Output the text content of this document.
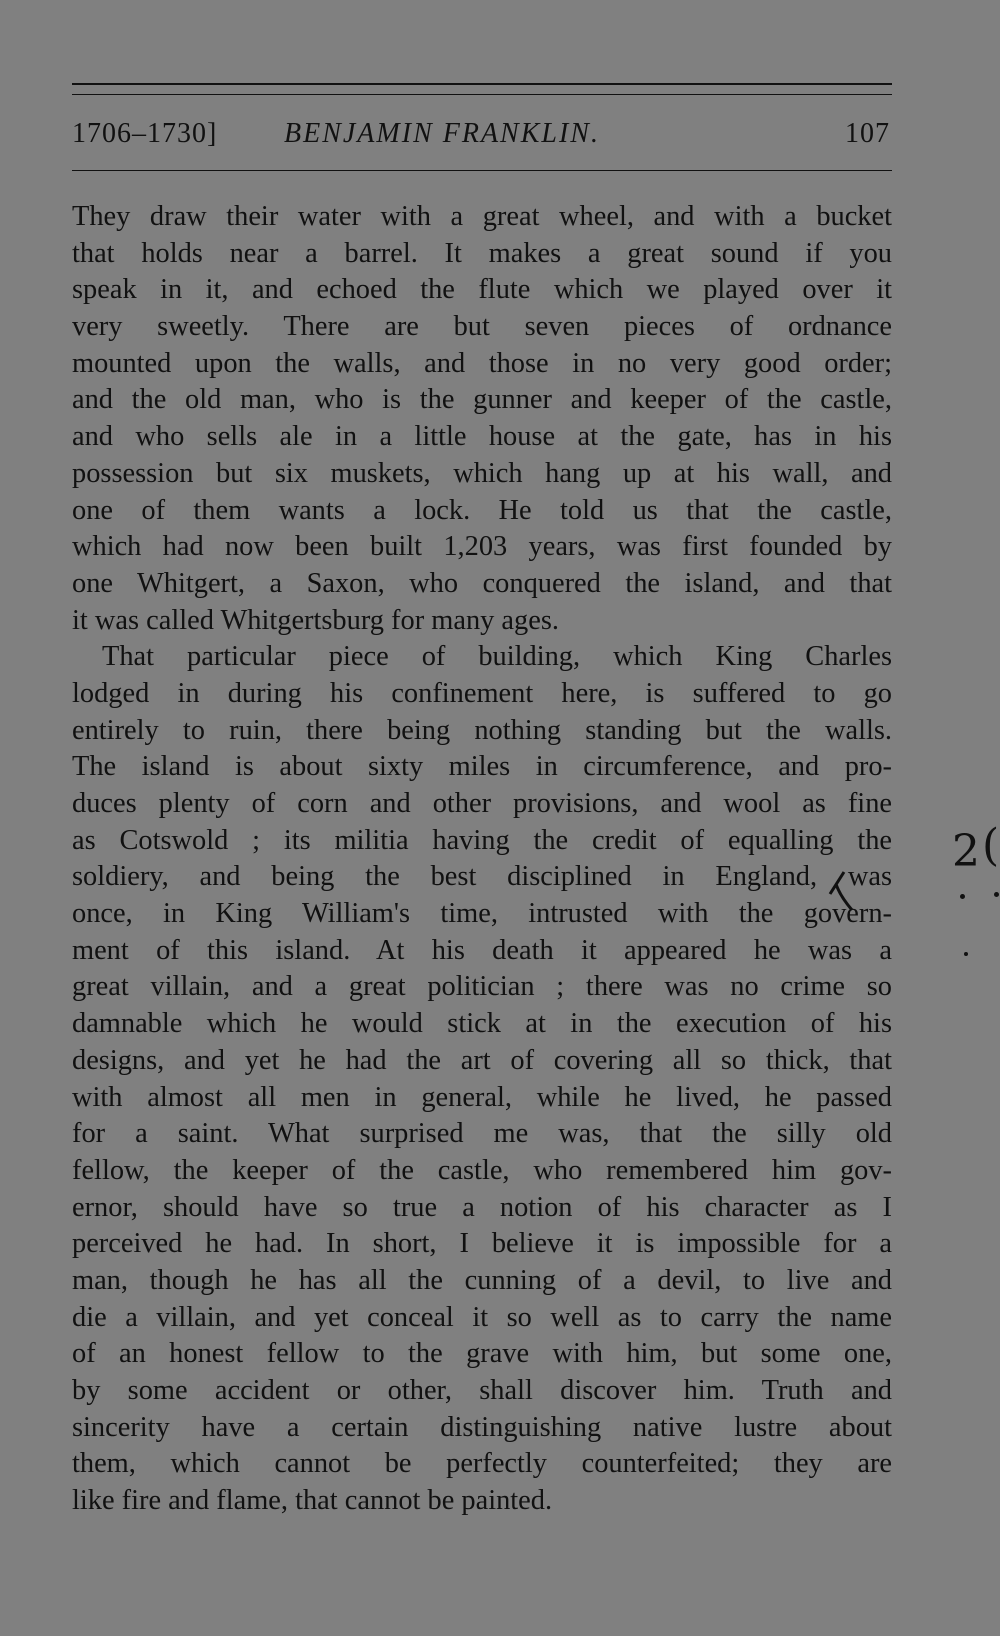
1706–1730] BENJAMIN FRANKLIN.	107
They draw their water with a great wheel, and with a bucket
that holds near a barrel. It makes a great sound if you
speak in it, and echoed the flute which we played over it
very sweetly. There are but seven pieces of ordnance
mounted upon the walls, and those in no very good order;
and the old man, who is the gunner and keeper of the castle,
and who sells ale in a little house at the gate, has in his
possession but six muskets, which hang up at his wall, and
one of them wants a lock. He told us that the castle,
which had now been built 1,203 years, was first founded by
one Whitgert, a Saxon, who conquered the island, and that
it was called Whitgertsburg for many ages.
That particular piece of building, which King Charles
lodged in during his confinement here, is suffered to go
entirely to ruin, there being nothing standing but the walls.
The island is about sixty miles in circumference, and pro-
duces plenty of corn and other provisions, and wool as fine
as Cotswold ; its militia having the credit of equalling the
soldiery, and being the best disciplined in England, was
once, in King William's time, intrusted with the govern-
ment of this island. At his death it appeared he was a
great villain, and a great politician ; there was no crime so
damnable which he would stick at in the execution of his
designs, and yet he had the art of covering all so thick, that
with almost all men in general, while he lived, he passed
for a saint. What surprised me was, that the silly old
fellow, the keeper of the castle, who remembered him gov-
ernor, should have so true a notion of his character as I
perceived he had. In short, I believe it is impossible for a
man, though he has all the cunning of a devil, to live and
die a villain, and yet conceal it so well as to carry the name
of an honest fellow to the grave with him, but some one,
by some accident or other, shall discover him. Truth and
sincerity have a certain distinguishing native lustre about
them, which cannot be perfectly counterfeited; they are
like fire and flame, that cannot be painted.
2 (
